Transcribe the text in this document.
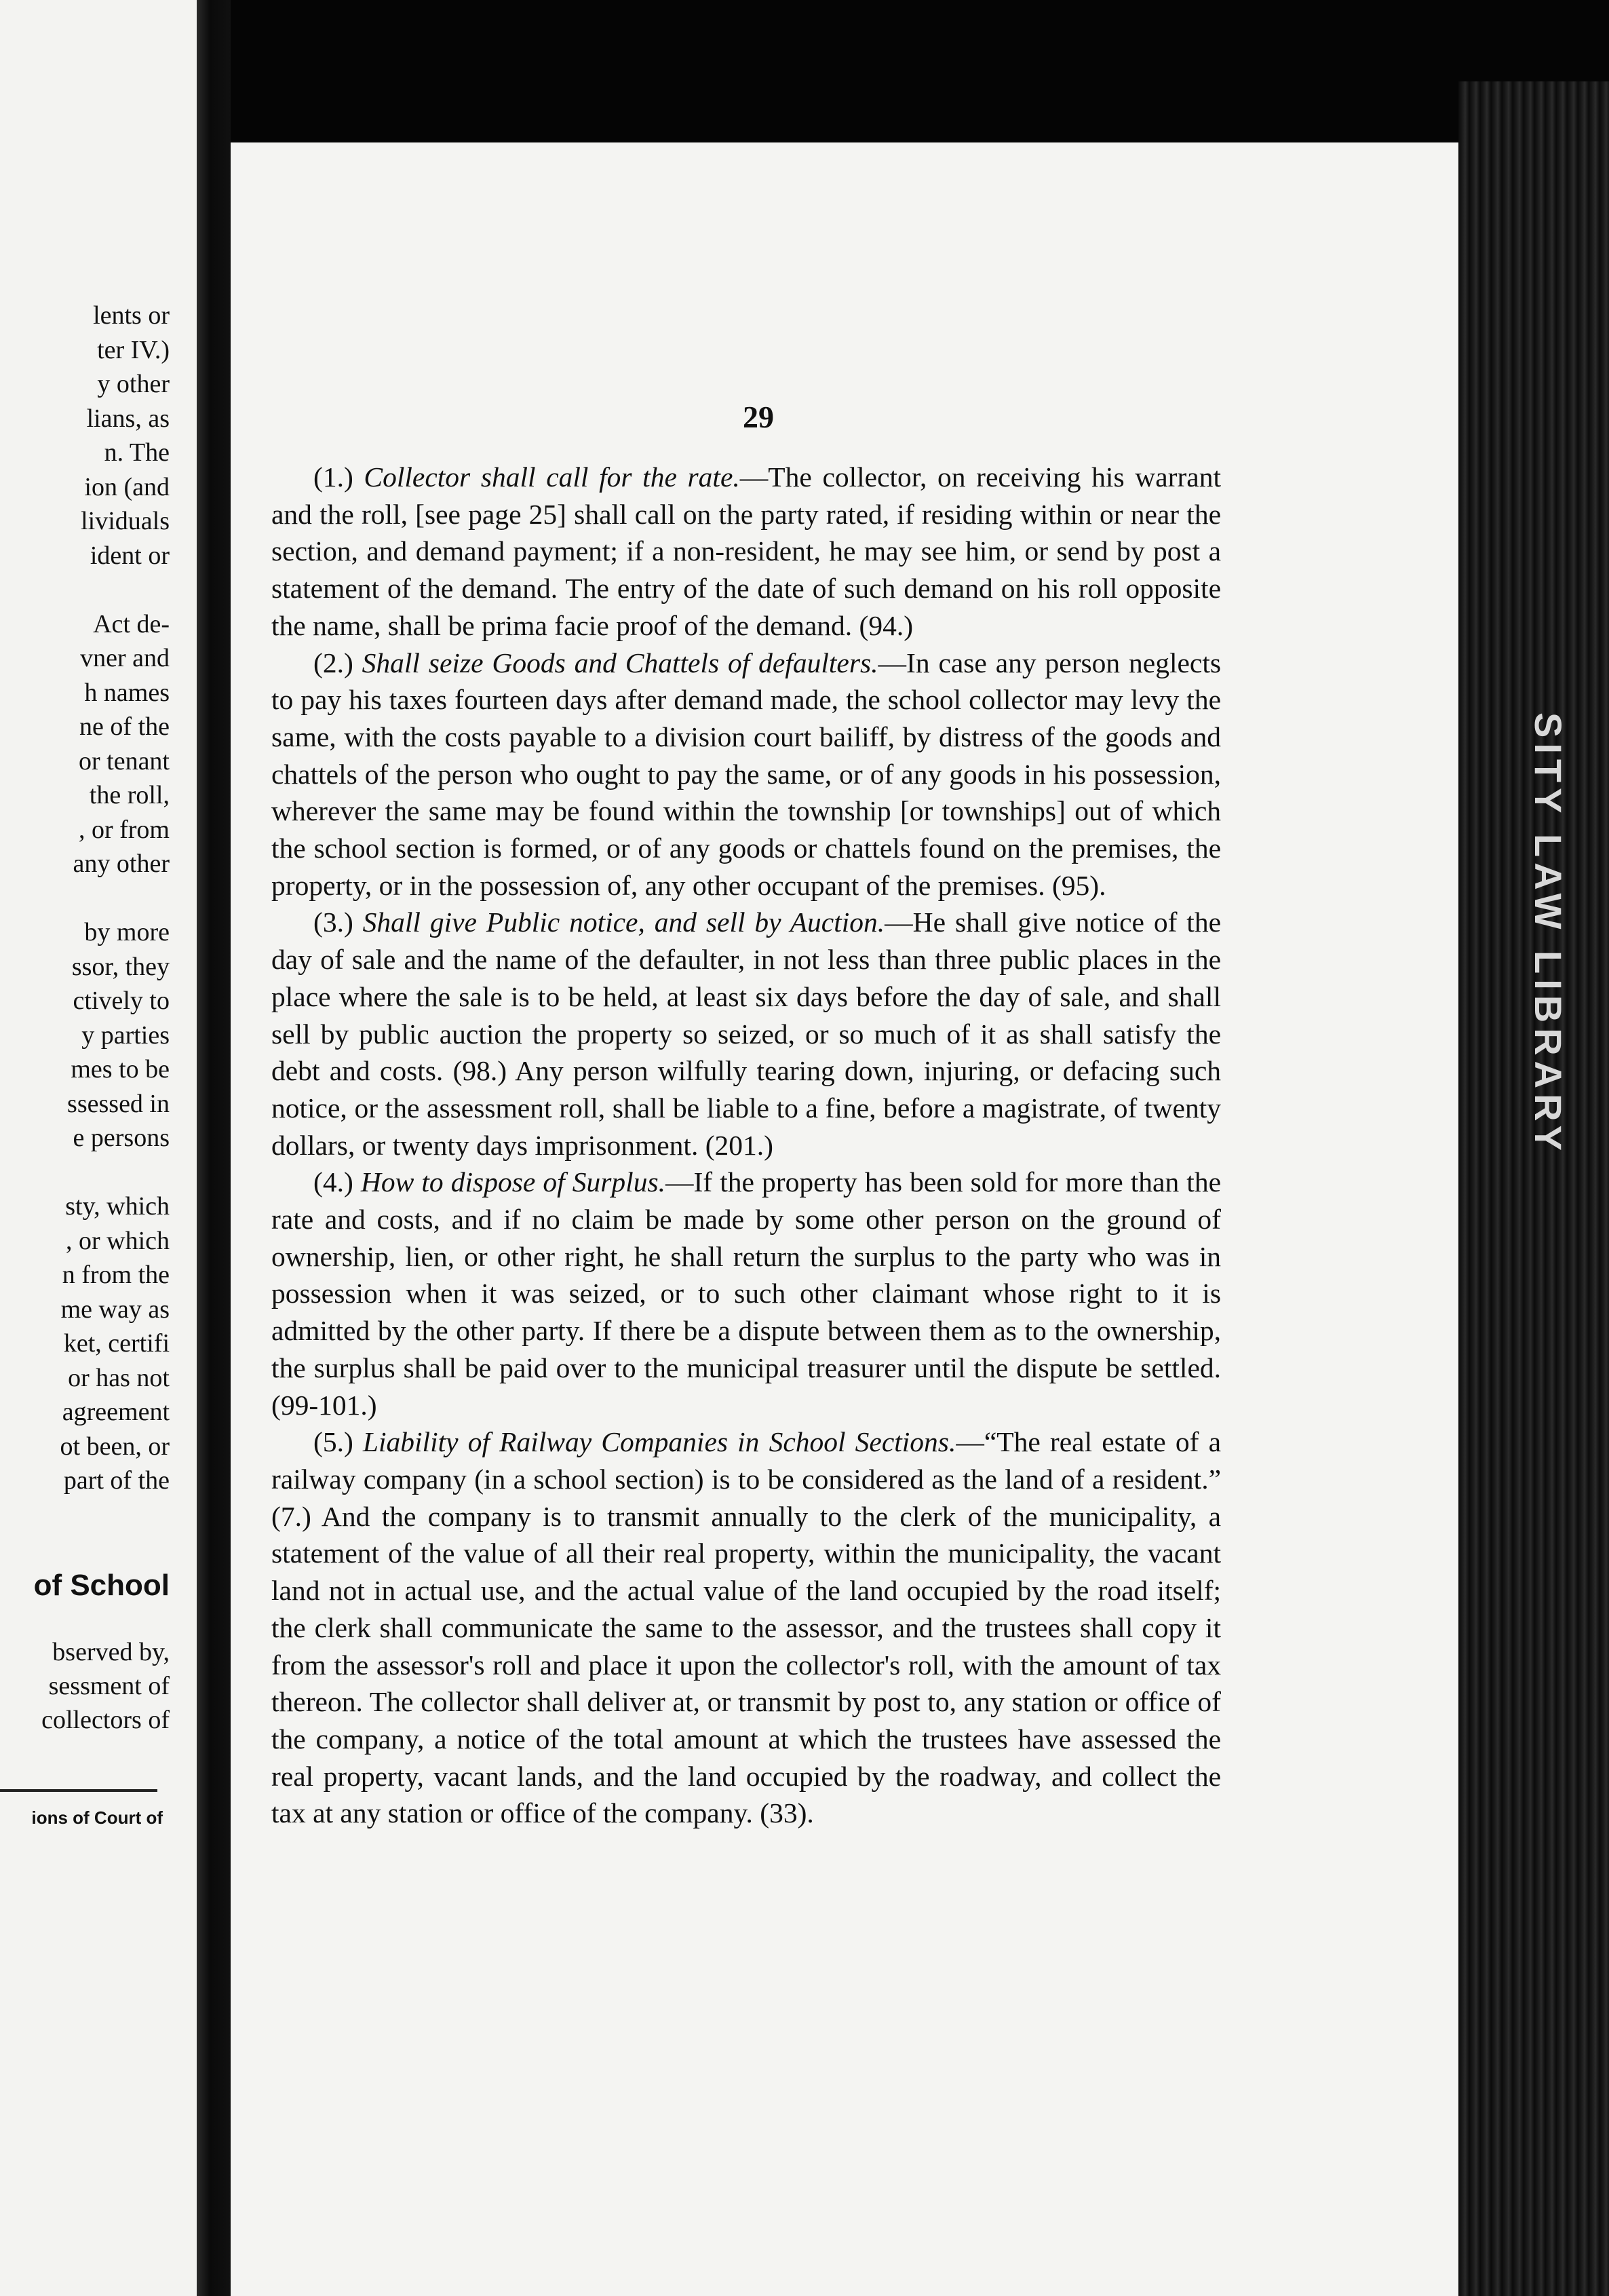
lents or
ter IV.)
y other
lians, as
n. The
ion (and
lividuals
ident or
Act de-
vner and
h names
ne of the
or tenant
the roll,
, or from
any other
by more
ssor, they
ctively to
y parties
mes to be
ssessed in
e persons
sty, which
, or which
n from the
me way as
ket, certifi
or has not
agreement
ot been, or
part of the
of School
bserved by,
sessment of
collectors of
ions of Court of
SITY LAW LIBRARY
29

(1.) Collector shall call for the rate.—The collector, on receiving his warrant and the roll, [see page 25] shall call on the party rated, if residing within or near the section, and demand payment; if a non-resident, he may see him, or send by post a statement of the demand. The entry of the date of such demand on his roll opposite the name, shall be prima facie proof of the demand. (94.)

(2.) Shall seize Goods and Chattels of defaulters.—In case any person neglects to pay his taxes fourteen days after demand made, the school collector may levy the same, with the costs payable to a division court bailiff, by distress of the goods and chattels of the person who ought to pay the same, or of any goods in his possession, wherever the same may be found within the township [or townships] out of which the school section is formed, or of any goods or chattels found on the premises, the property, or in the possession of, any other occupant of the premises. (95).

(3.) Shall give Public notice, and sell by Auction.—He shall give notice of the day of sale and the name of the defaulter, in not less than three public places in the place where the sale is to be held, at least six days before the day of sale, and shall sell by public auction the property so seized, or so much of it as shall satisfy the debt and costs. (98.) Any person wilfully tearing down, injuring, or defacing such notice, or the assessment roll, shall be liable to a fine, before a magistrate, of twenty dollars, or twenty days imprisonment. (201.)

(4.) How to dispose of Surplus.—If the property has been sold for more than the rate and costs, and if no claim be made by some other person on the ground of ownership, lien, or other right, he shall return the surplus to the party who was in possession when it was seized, or to such other claimant whose right to it is admitted by the other party. If there be a dispute between them as to the ownership, the surplus shall be paid over to the municipal treasurer until the dispute be settled. (99-101.)

(5.) Liability of Railway Companies in School Sections.—“The real estate of a railway company (in a school section) is to be considered as the land of a resident.” (7.) And the company is to transmit annually to the clerk of the municipality, a statement of the value of all their real property, within the municipality, the vacant land not in actual use, and the actual value of the land occupied by the road itself; the clerk shall communicate the same to the assessor, and the trustees shall copy it from the assessor's roll and place it upon the collector's roll, with the amount of tax thereon. The collector shall deliver at, or transmit by post to, any station or office of the company, a notice of the total amount at which the trustees have assessed the real property, vacant lands, and the land occupied by the roadway, and collect the tax at any station or office of the company. (33).
